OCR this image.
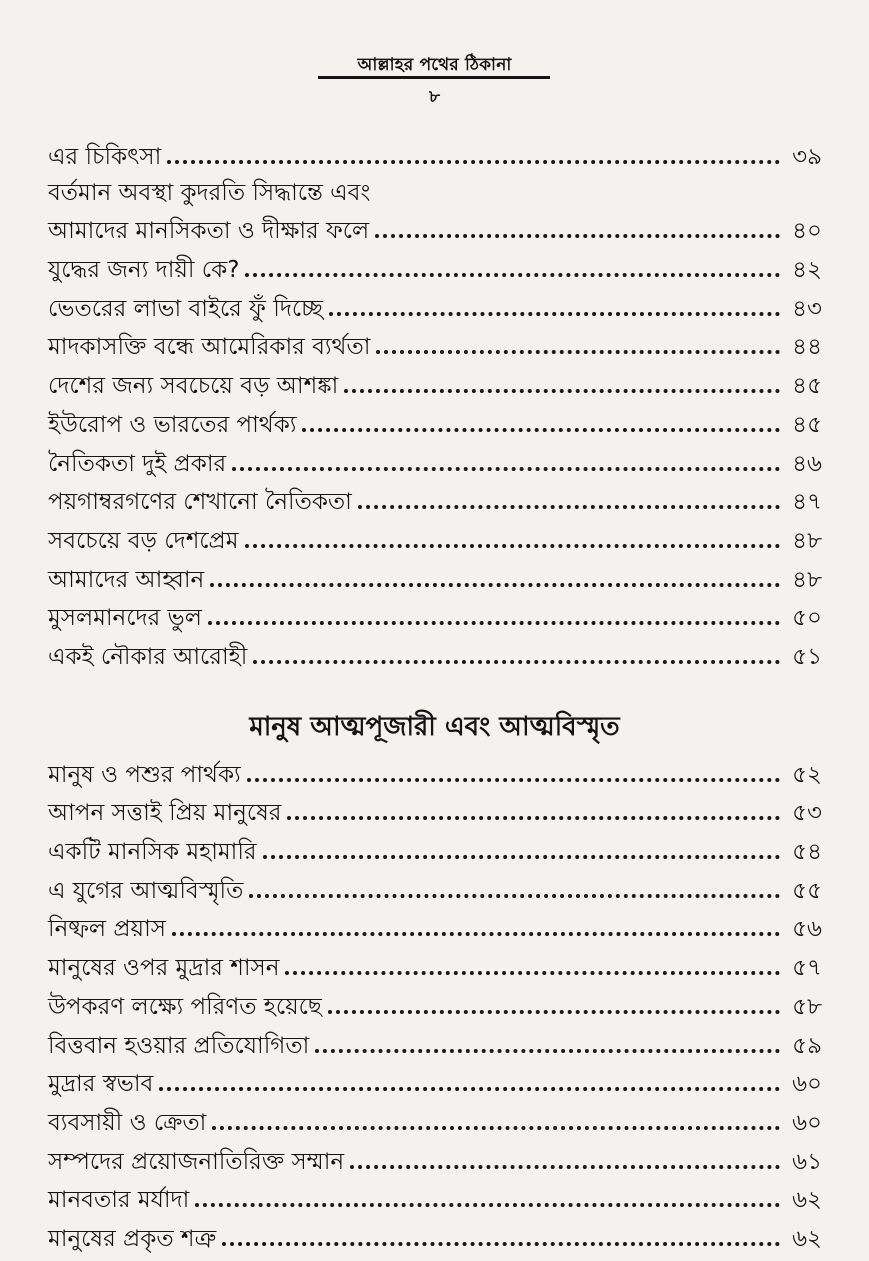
আল্লাহর পথের ঠিকানা
৮
এর চিকিৎসা	৩৯
বর্তমান অবস্থা কুদরতি সিদ্ধান্তে এবং
আমাদের মানসিকতা ও দীক্ষার ফলে	৪০
যুদ্ধের জন্য দায়ী কে?	৪২
ভেতরের লাভা বাইরে ফুঁ দিচ্ছে	৪৩
মাদকাসক্তি বন্ধে আমেরিকার ব্যর্থতা	৪৪
দেশের জন্য সবচেয়ে বড় আশঙ্কা	৪৫
ইউরোপ ও ভারতের পার্থক্য	৪৫
নৈতিকতা দুই প্রকার	৪৬
পয়গাম্বরগণের শেখানো নৈতিকতা	৪৭
সবচেয়ে বড় দেশপ্রেম	৪৮
আমাদের আহ্বান	৪৮
মুসলমানদের ভুল	৫০
একই নৌকার আরোহী	৫১
মানুষ আত্মপূজারী এবং আত্মবিস্মৃত
মানুষ ও পশুর পার্থক্য	৫২
আপন সত্তাই প্রিয় মানুষের	৫৩
একটি মানসিক মহামারি	৫৪
এ যুগের আত্মবিস্মৃতি	৫৫
নিষ্ফল প্রয়াস	৫৬
মানুষের ওপর মুদ্রার শাসন	৫৭
উপকরণ লক্ষ্যে পরিণত হয়েছে	৫৮
বিত্তবান হওয়ার প্রতিযোগিতা	৫৯
মুদ্রার স্বভাব	৬০
ব্যবসায়ী ও ক্রেতা	৬০
সম্পদের প্রয়োজনাতিরিক্ত সম্মান	৬১
মানবতার মর্যাদা	৬২
মানুষের প্রকৃত শত্রু	৬২
